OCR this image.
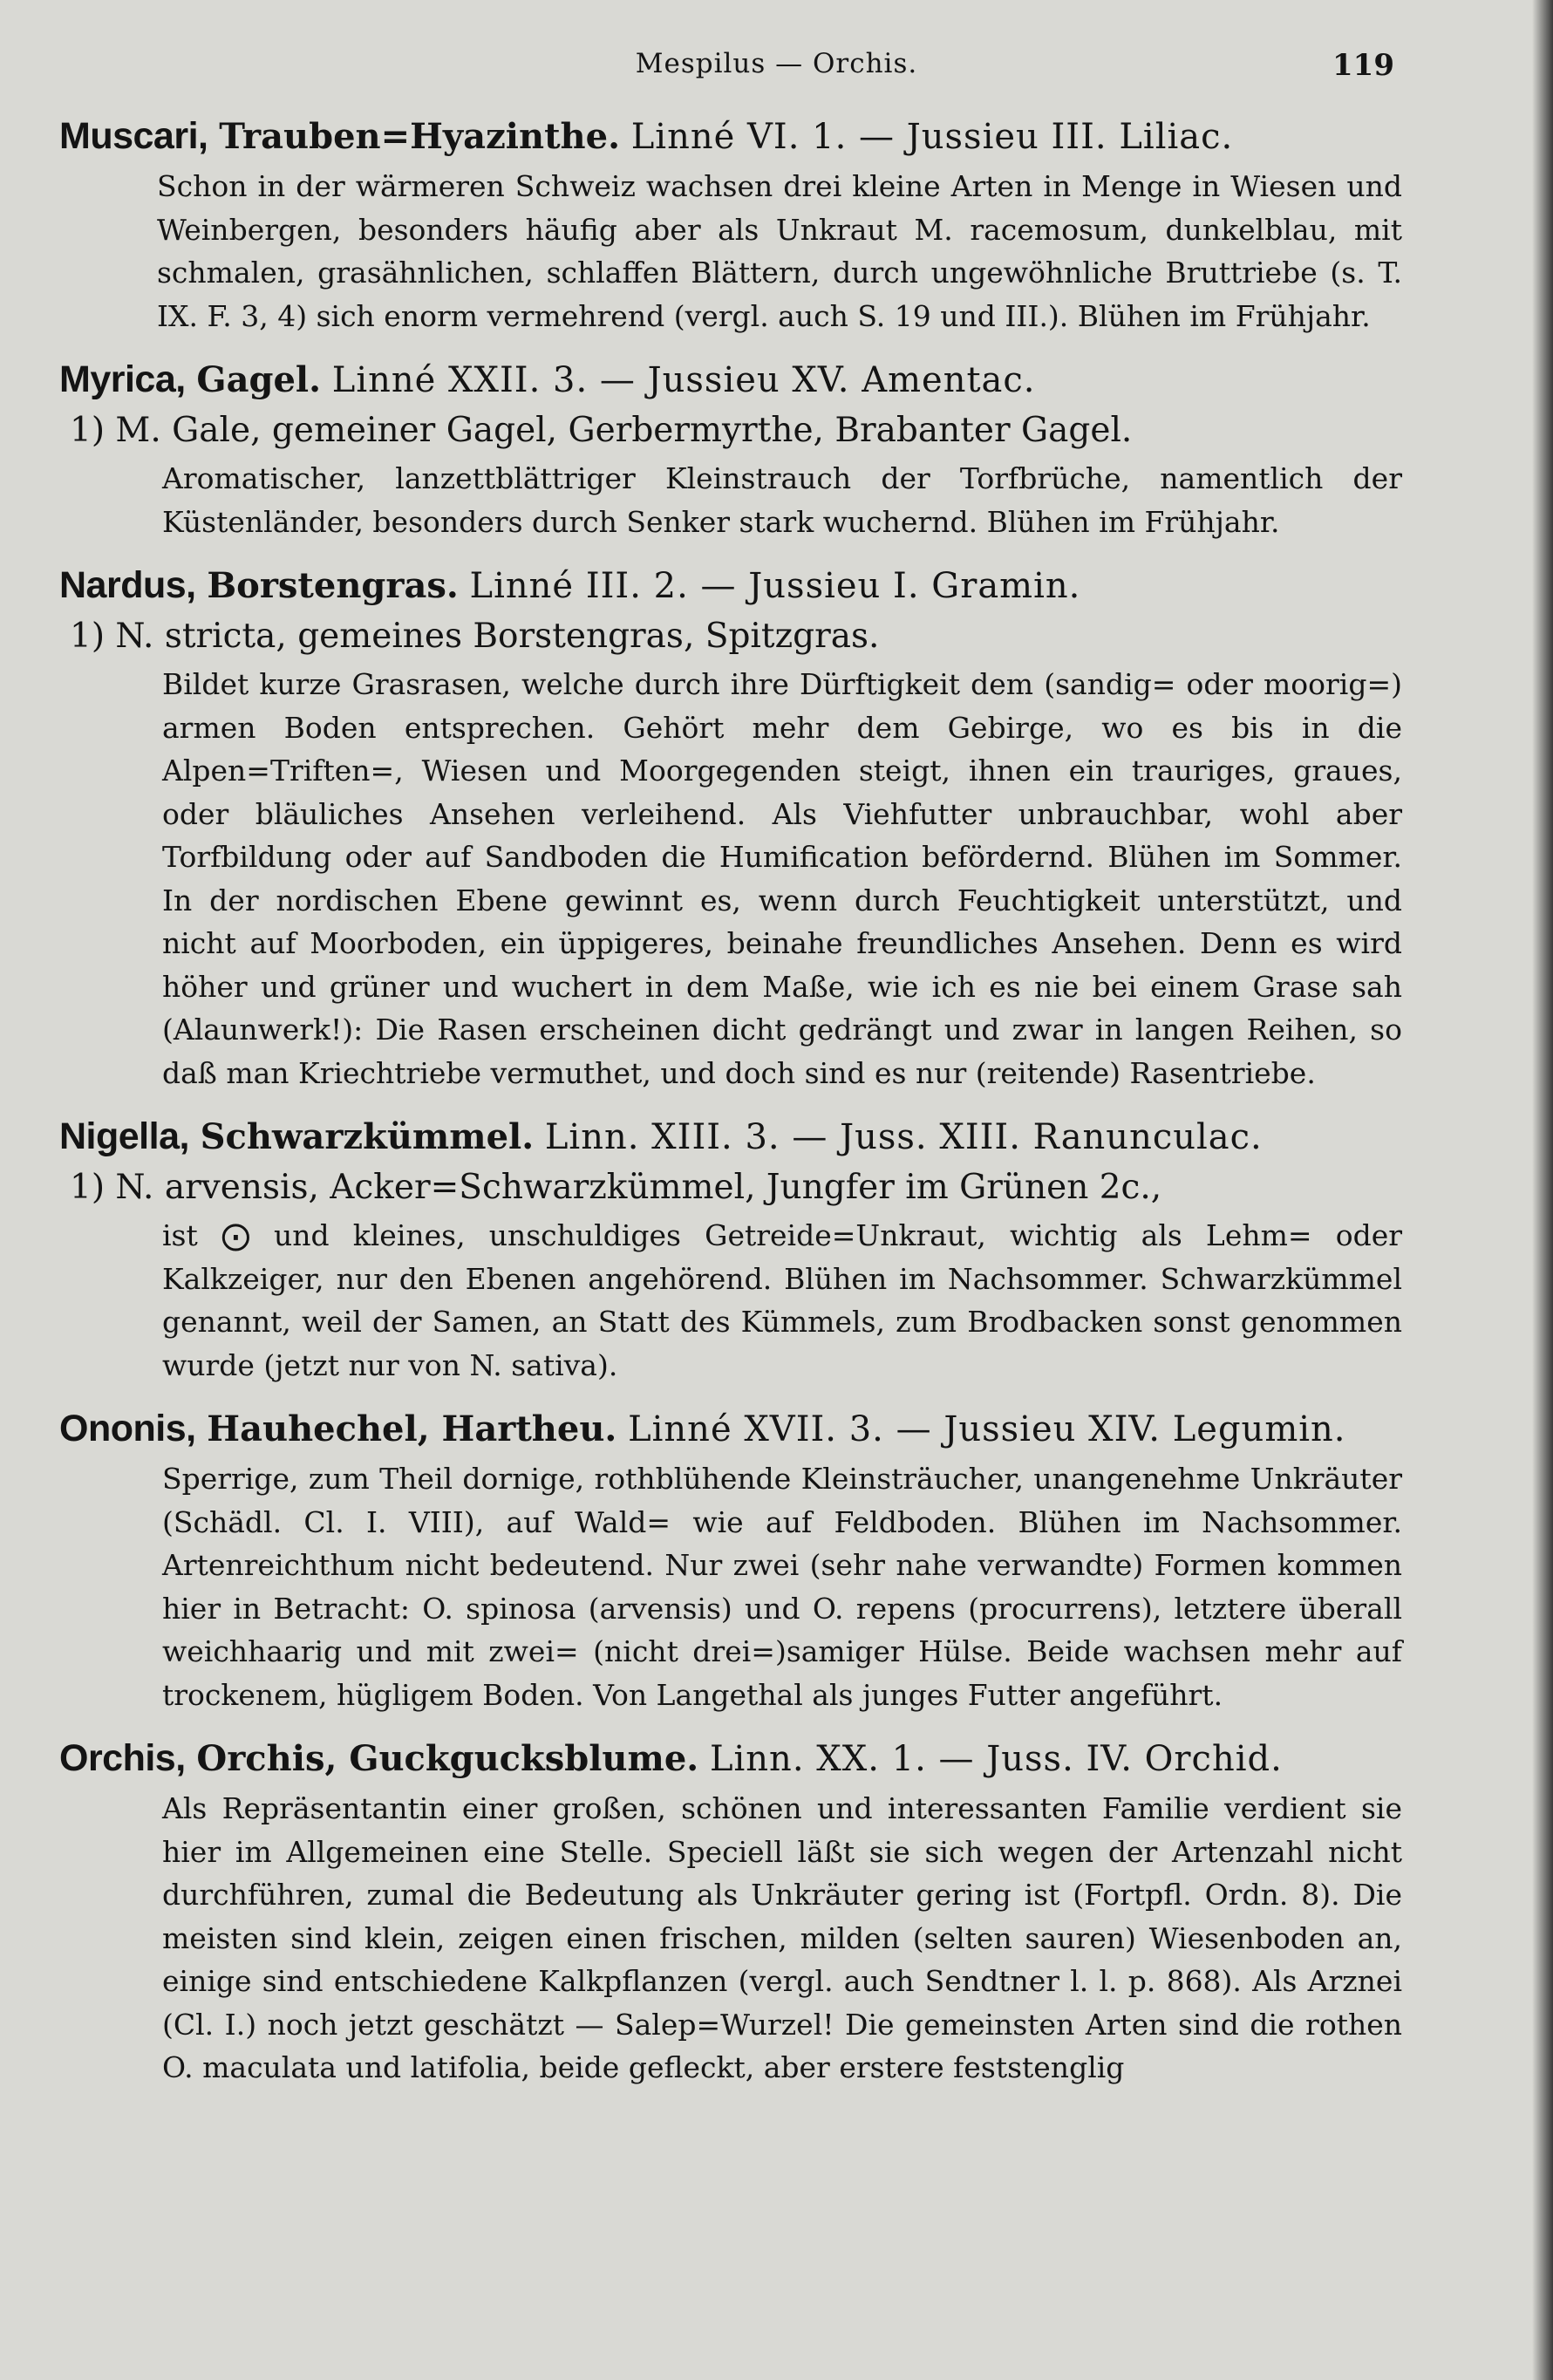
Mespilus — Orchis.	119
Muscari, Trauben=Hyazinthe. Linné VI. 1. — Jussieu III. Liliac.
Schon in der wärmeren Schweiz wachsen drei kleine Arten in Menge in Wiesen und Weinbergen, besonders häufig aber als Unkraut M. racemosum, dunkelblau, mit schmalen, grasähnlichen, schlaffen Blättern, durch ungewöhnliche Bruttriebe (s. T. IX. F. 3, 4) sich enorm vermehrend (vergl. auch S. 19 und III.). Blühen im Frühjahr.
Myrica, Gagel. Linné XXII. 3. — Jussieu XV. Amentac.
1) M. Gale, gemeiner Gagel, Gerbermyrthe, Brabanter Gagel.
Aromatischer, lanzettblättriger Kleinstrauch der Torfbrüche, namentlich der Küstenländer, besonders durch Senker stark wuchernd. Blühen im Frühjahr.
Nardus, Borstengras. Linné III. 2. — Jussieu I. Gramin.
1) N. stricta, gemeines Borstengras, Spitzgras.
Bildet kurze Grasrasen, welche durch ihre Dürftigkeit dem (sandig= oder moorig=) armen Boden entsprechen. Gehört mehr dem Gebirge, wo es bis in die Alpen=Triften=, Wiesen und Moorgegenden steigt, ihnen ein trauriges, graues, oder bläuliches Ansehen verleihend. Als Viehfutter unbrauchbar, wohl aber Torfbildung oder auf Sandboden die Humification befördernd. Blühen im Sommer. In der nordischen Ebene gewinnt es, wenn durch Feuchtigkeit unterstützt, und nicht auf Moorboden, ein üppigeres, beinahe freundliches Ansehen. Denn es wird höher und grüner und wuchert in dem Maße, wie ich es nie bei einem Grase sah (Alaunwerk!): Die Rasen erscheinen dicht gedrängt und zwar in langen Reihen, so daß man Kriechtriebe vermuthet, und doch sind es nur (reitende) Rasentriebe.
Nigella, Schwarzkümmel. Linn. XIII. 3. — Juss. XIII. Ranunculac.
1) N. arvensis, Acker=Schwarzkümmel, Jungfer im Grünen 2c.,
ist ⨀ und kleines, unschuldiges Getreide=Unkraut, wichtig als Lehm= oder Kalkzeiger, nur den Ebenen angehörend. Blühen im Nachsommer. Schwarzkümmel genannt, weil der Samen, an Statt des Kümmels, zum Brodbacken sonst genommen wurde (jetzt nur von N. sativa).
Ononis, Hauhechel, Hartheu. Linné XVII. 3. — Jussieu XIV. Legumin.
Sperrige, zum Theil dornige, rothblühende Kleinsträucher, unangenehme Unkräuter (Schädl. Cl. I. VIII), auf Wald= wie auf Feldboden. Blühen im Nachsommer. Artenreichthum nicht bedeutend. Nur zwei (sehr nahe verwandte) Formen kommen hier in Betracht: O. spinosa (arvensis) und O. repens (procurrens), letztere überall weichhaarig und mit zwei= (nicht drei=)samiger Hülse. Beide wachsen mehr auf trockenem, hügligem Boden. Von Langethal als junges Futter angeführt.
Orchis, Orchis, Guckgucksblume. Linn. XX. 1. — Juss. IV. Orchid.
Als Repräsentantin einer großen, schönen und interessanten Familie verdient sie hier im Allgemeinen eine Stelle. Speciell läßt sie sich wegen der Artenzahl nicht durchführen, zumal die Bedeutung als Unkräuter gering ist (Fortpfl. Ordn. 8). Die meisten sind klein, zeigen einen frischen, milden (selten sauren) Wiesenboden an, einige sind entschiedene Kalkpflanzen (vergl. auch Sendtner l. l. p. 868). Als Arznei (Cl. I.) noch jetzt geschätzt — Salep=Wurzel! Die gemeinsten Arten sind die rothen O. maculata und latifolia, beide gefleckt, aber erstere feststenglig
